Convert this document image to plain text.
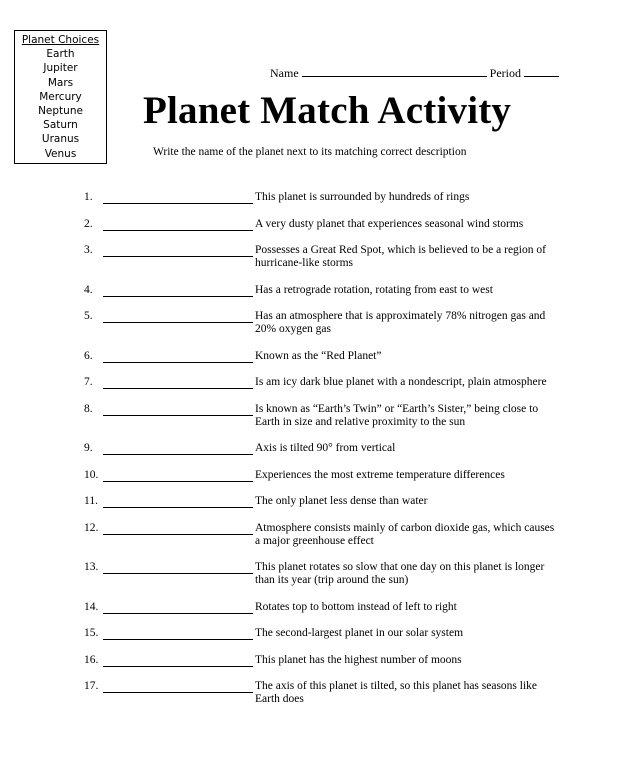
Planet Choices
Earth
Jupiter
Mars
Mercury
Neptune
Saturn
Uranus
Venus
Name	Period
Planet Match Activity
Write the name of the planet next to its matching correct description
1.	This planet is surrounded by hundreds of rings
2.	A very dusty planet that experiences seasonal wind storms
3.	Possesses a Great Red Spot, which is believed to be a region of hurricane-like storms
4.	Has a retrograde rotation, rotating from east to west
5.	Has an atmosphere that is approximately 78% nitrogen gas and 20% oxygen gas
6.	Known as the “Red Planet”
7.	Is am icy dark blue planet with a nondescript, plain atmosphere
8.	Is known as “Earth’s Twin” or “Earth’s Sister,” being close to Earth in size and relative proximity to the sun
9.	Axis is tilted 90° from vertical
10.	Experiences the most extreme temperature differences
11.	The only planet less dense than water
12.	Atmosphere consists mainly of carbon dioxide gas, which causes a major greenhouse effect
13.	This planet rotates so slow that one day on this planet is longer than its year (trip around the sun)
14.	Rotates top to bottom instead of left to right
15.	The second-largest planet in our solar system
16.	This planet has the highest number of moons
17.	The axis of this planet is tilted, so this planet has seasons like Earth does
